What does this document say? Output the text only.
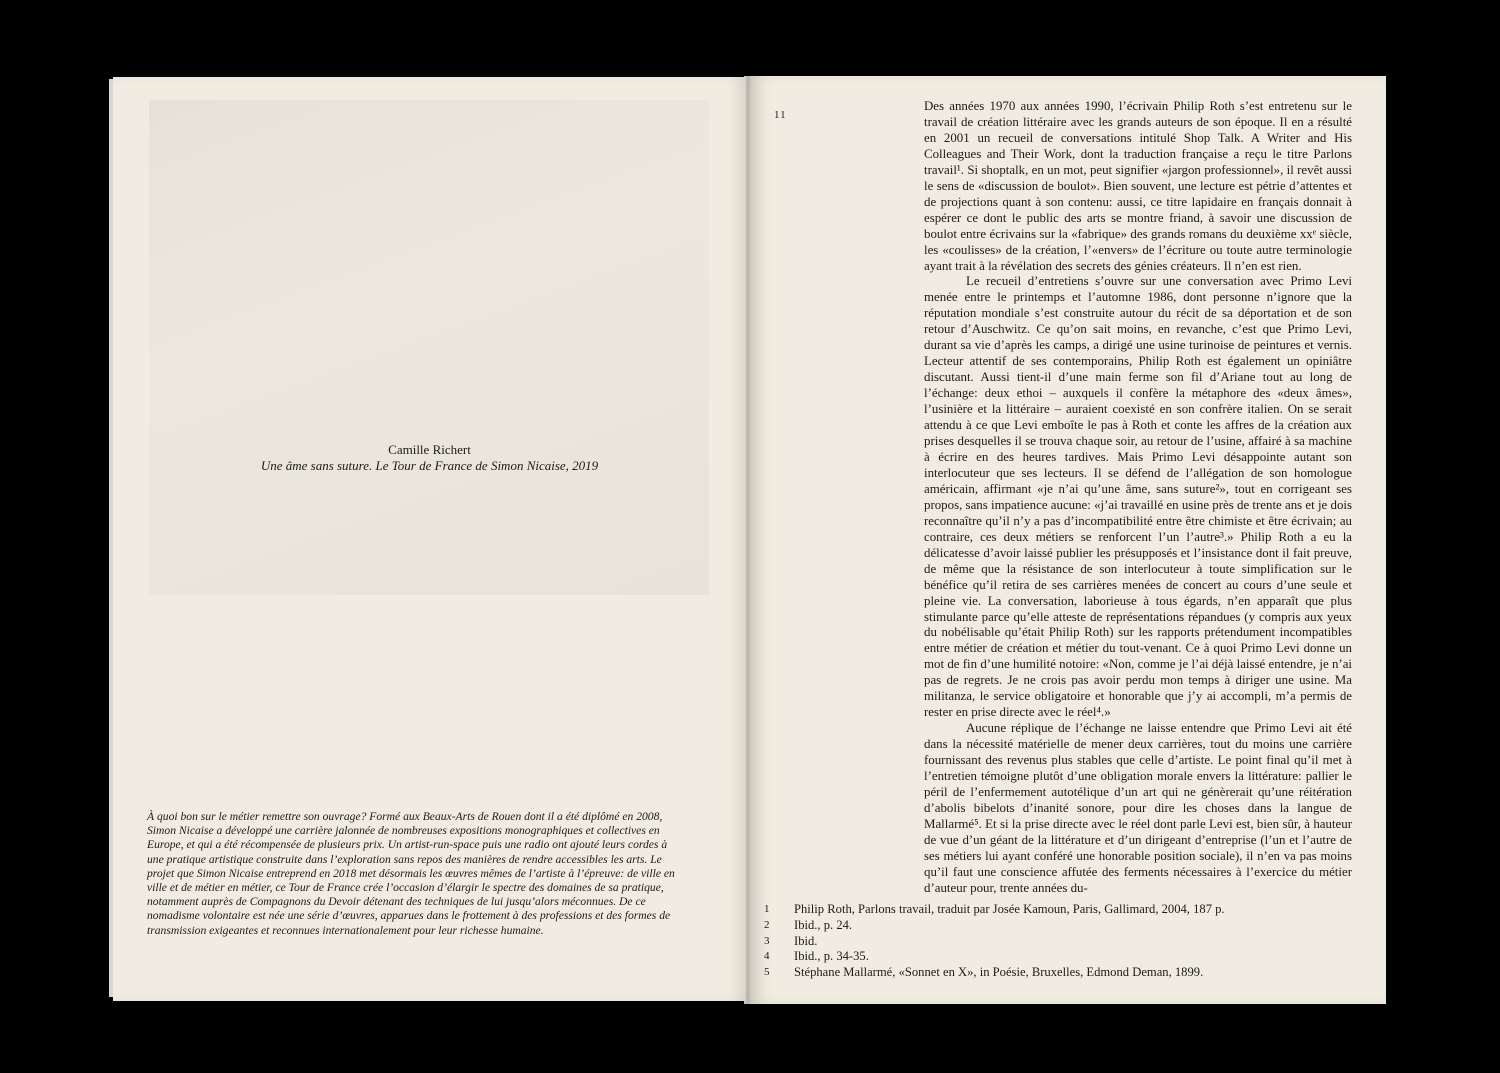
Camille Richert
Une âme sans suture. Le Tour de France de Simon Nicaise, 2019

À quoi bon sur le métier remettre son ouvrage? Formé aux Beaux-Arts de Rouen dont il a été diplômé en 2008, Simon Nicaise a développé une carrière jalonnée de nombreuses expositions monographiques et collectives en Europe, et qui a été récompensée de plusieurs prix. Un artist-run-space puis une radio ont ajouté leurs cordes à une pratique artistique construite dans l’exploration sans repos des manières de rendre accessibles les arts. Le projet que Simon Nicaise entreprend en 2018 met désormais les œuvres mêmes de l’artiste à l’épreuve: de ville en ville et de métier en métier, ce Tour de France crée l’occasion d’élargir le spectre des domaines de sa pratique, notamment auprès de Compagnons du Devoir détenant des techniques de lui jusqu’alors méconnues. De ce nomadisme volontaire est née une série d’œuvres, apparues dans le frottement à des professions et des formes de transmission exigeantes et reconnues internationalement pour leur richesse humaine.

11

Des années 1970 aux années 1990, l’écrivain Philip Roth s’est entretenu sur le travail de création littéraire avec les grands auteurs de son époque. Il en a résulté en 2001 un recueil de conversations intitulé Shop Talk. A Writer and His Colleagues and Their Work, dont la traduction française a reçu le titre Parlons travail¹. Si shoptalk, en un mot, peut signifier «jargon professionnel», il revêt aussi le sens de «discussion de boulot». Bien souvent, une lecture est pétrie d’attentes et de projections quant à son contenu: aussi, ce titre lapidaire en français donnait à espérer ce dont le public des arts se montre friand, à savoir une discussion de boulot entre écrivains sur la «fabrique» des grands romans du deuxième xxᵉ siècle, les «coulisses» de la création, l’«envers» de l’écriture ou toute autre terminologie ayant trait à la révélation des secrets des génies créateurs. Il n’en est rien.

Le recueil d’entretiens s’ouvre sur une conversation avec Primo Levi menée entre le printemps et l’automne 1986, dont personne n’ignore que la réputation mondiale s’est construite autour du récit de sa déportation et de son retour d’Auschwitz. Ce qu’on sait moins, en revanche, c’est que Primo Levi, durant sa vie d’après les camps, a dirigé une usine turinoise de peintures et vernis. Lecteur attentif de ses contemporains, Philip Roth est également un opiniâtre discutant. Aussi tient-il d’une main ferme son fil d’Ariane tout au long de l’échange: deux ethoi – auxquels il confère la métaphore des «deux âmes», l’usinière et la littéraire – auraient coexisté en son confrère italien. On se serait attendu à ce que Levi emboîte le pas à Roth et conte les affres de la création aux prises desquelles il se trouva chaque soir, au retour de l’usine, affairé à sa machine à écrire en des heures tardives. Mais Primo Levi désappointe autant son interlocuteur que ses lecteurs. Il se défend de l’allégation de son homologue américain, affirmant «je n’ai qu’une âme, sans suture²», tout en corrigeant ses propos, sans impatience aucune: «j’ai travaillé en usine près de trente ans et je dois reconnaître qu’il n’y a pas d’incompatibilité entre être chimiste et être écrivain; au contraire, ces deux métiers se renforcent l’un l’autre³.» Philip Roth a eu la délicatesse d’avoir laissé publier les présupposés et l’insistance dont il fait preuve, de même que la résistance de son interlocuteur à toute simplification sur le bénéfice qu’il retira de ses carrières menées de concert au cours d’une seule et pleine vie. La conversation, laborieuse à tous égards, n’en apparaît que plus stimulante parce qu’elle atteste de représentations répandues (y compris aux yeux du nobélisable qu’était Philip Roth) sur les rapports prétendument incompatibles entre métier de création et métier du tout-venant. Ce à quoi Primo Levi donne un mot de fin d’une humilité notoire: «Non, comme je l’ai déjà laissé entendre, je n’ai pas de regrets. Je ne crois pas avoir perdu mon temps à diriger une usine. Ma militanza, le service obligatoire et honorable que j’y ai accompli, m’a permis de rester en prise directe avec le réel⁴.»

Aucune réplique de l’échange ne laisse entendre que Primo Levi ait été dans la nécessité matérielle de mener deux carrières, tout du moins une carrière fournissant des revenus plus stables que celle d’artiste. Le point final qu’il met à l’entretien témoigne plutôt d’une obligation morale envers la littérature: pallier le péril de l’enfermement autotélique d’un art qui ne génèrerait qu’une réitération d’abolis bibelots d’inanité sonore, pour dire les choses dans la langue de Mallarmé⁵. Et si la prise directe avec le réel dont parle Levi est, bien sûr, à hauteur de vue d’un géant de la littérature et d’un dirigeant d’entreprise (l’un et l’autre de ses métiers lui ayant conféré une honorable position sociale), il n’en va pas moins qu’il faut une conscience affutée des ferments nécessaires à l’exercice du métier d’auteur pour, trente années du-

1	Philip Roth, Parlons travail, traduit par Josée Kamoun, Paris, Gallimard, 2004, 187 p.
2	Ibid., p. 24.
3	Ibid.
4	Ibid., p. 34-35.
5	Stéphane Mallarmé, «Sonnet en X», in Poésie, Bruxelles, Edmond Deman, 1899.
